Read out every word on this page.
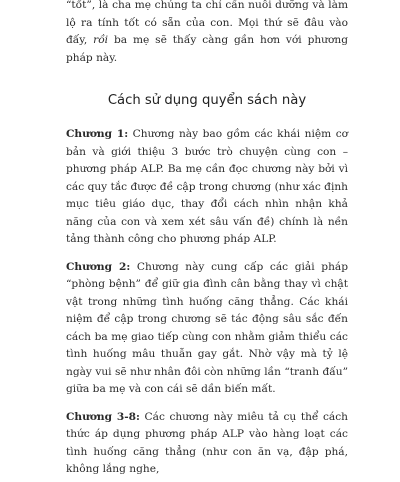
“tốt”, là cha mẹ chúng ta chỉ cần nuôi dưỡng và làm lộ ra tính tốt có sẵn của con. Mọi thứ sẽ đâu vào đấy, rồi ba mẹ sẽ thấy càng gần hơn với phương pháp này.

Cách sử dụng quyển sách này

Chương 1: Chương này bao gồm các khái niệm cơ bản và giới thiệu 3 bước trò chuyện cùng con – phương pháp ALP. Ba mẹ cần đọc chương này bởi vì các quy tắc được đề cập trong chương (như xác định mục tiêu giáo dục, thay đổi cách nhìn nhận khả năng của con và xem xét sâu vấn đề) chính là nền tảng thành công cho phương pháp ALP.

Chương 2: Chương này cung cấp các giải pháp “phòng bệnh” để giữ gia đình cân bằng thay vì chật vật trong những tình huống căng thẳng. Các khái niệm để cập trong chương sẽ tác động sâu sắc đến cách ba mẹ giao tiếp cùng con nhằm giảm thiểu các tình huống mâu thuẫn gay gắt. Nhờ vậy mà tỷ lệ ngày vui sẽ như nhân đôi còn những lần “tranh đấu” giữa ba mẹ và con cái sẽ dần biến mất.

Chương 3-8: Các chương này miêu tả cụ thể cách thức áp dụng phương pháp ALP vào hàng loạt các tình huống căng thẳng (như con ăn vạ, đập phá, không lắng nghe,
